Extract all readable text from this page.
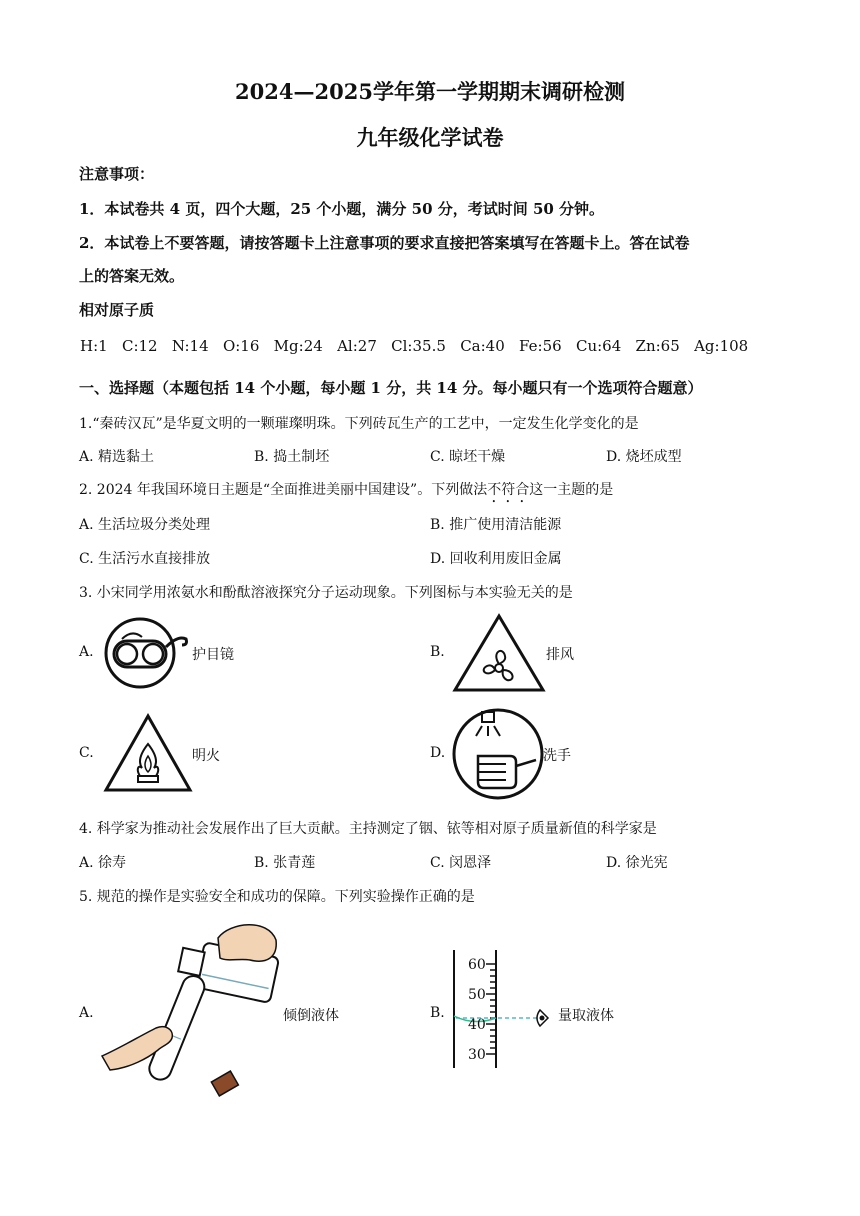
2024—2025学年第一学期期末调研检测
九年级化学试卷
注意事项：
1．本试卷共 4 页，四个大题，25 个小题，满分 50 分，考试时间 50 分钟。
2．本试卷上不要答题，请按答题卡上注意事项的要求直接把答案填写在答题卡上。答在试卷
上的答案无效。
相对原子质
H:1   C:12   N:14   O:16   Mg:24   Al:27   Cl:35.5   Ca:40   Fe:56   Cu:64   Zn:65   Ag:108
一、选择题（本题包括 14 个小题，每小题 1 分，共 14 分。每小题只有一个选项符合题意）
1.“秦砖汉瓦”是华夏文明的一颗璀璨明珠。下列砖瓦生产的工艺中，一定发生化学变化的是
A. 精选黏土	B. 捣土制坯	C. 晾坯干燥	D. 烧坯成型
2. 2024 年我国环境日主题是“全面推进美丽中国建设”。下列做法不符合这一主题的是
A. 生活垃圾分类处理	B. 推广使用清洁能源
C. 生活污水直接排放	D. 回收利用废旧金属
3. 小宋同学用浓氨水和酚酞溶液探究分子运动现象。下列图标与本实验无关的是
A.	护目镜	B.	排风
C.	明火	D.	洗手
4. 科学家为推动社会发展作出了巨大贡献。主持测定了铟、铱等相对原子质量新值的科学家是
A. 徐寿	B. 张青莲	C. 闵恩泽	D. 徐光宪
5. 规范的操作是实验安全和成功的保障。下列实验操作正确的是
A.	倾倒液体	B.
60
50
40
30
量取液体
